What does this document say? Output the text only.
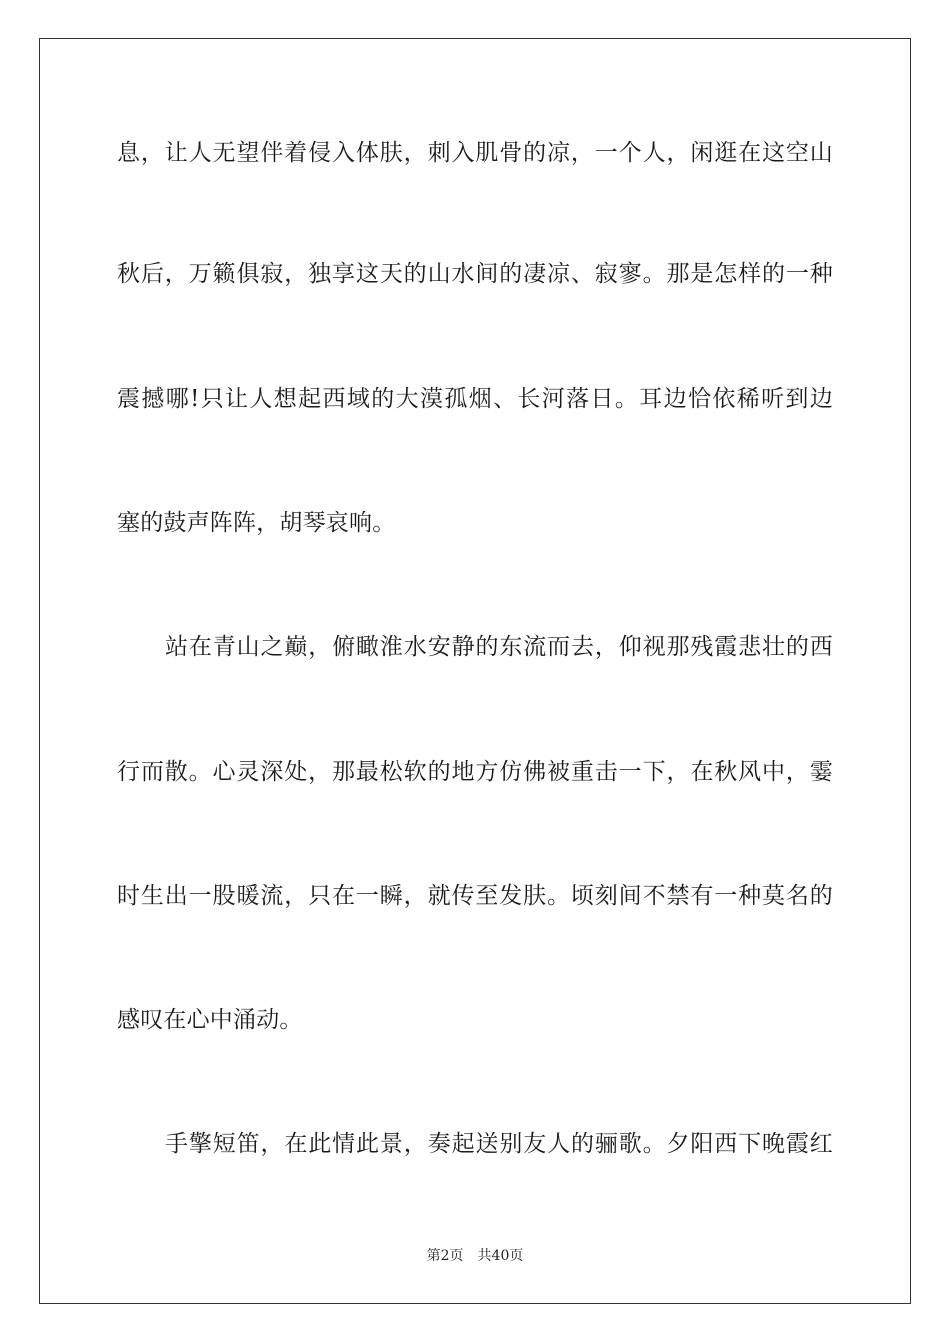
息，让人无望伴着侵入体肤，刺入肌骨的凉，一个人，闲逛在这空山
秋后，万籁俱寂，独享这天的山水间的凄凉、寂寥。那是怎样的一种
震撼哪!只让人想起西域的大漠孤烟、长河落日。耳边恰依稀听到边
塞的鼓声阵阵，胡琴哀响。
站在青山之巅，俯瞰淮水安静的东流而去，仰视那残霞悲壮的西
行而散。心灵深处，那最松软的地方仿佛被重击一下，在秋风中，霎
时生出一股暖流，只在一瞬，就传至发肤。顷刻间不禁有一种莫名的
感叹在心中涌动。
手擎短笛，在此情此景，奏起送别友人的骊歌。夕阳西下晚霞红
第2页 共40页
